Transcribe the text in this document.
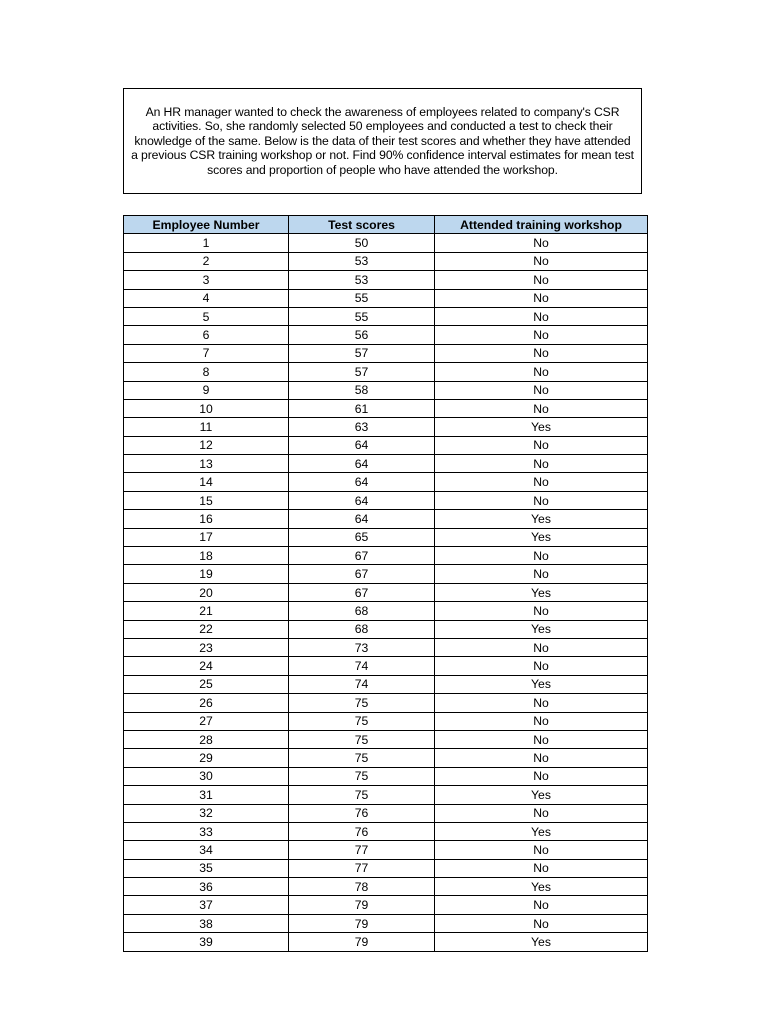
An HR manager wanted to check the awareness of employees related to company's CSR activities. So, she randomly selected 50 employees and conducted a test to check their knowledge of the same. Below is the data of their test scores and whether they have attended a previous CSR training workshop or not. Find 90% confidence interval estimates for mean test scores and proportion of people who have attended the workshop.

Employee Number	Test scores	Attended training workshop
1	50	No
2	53	No
3	53	No
4	55	No
5	55	No
6	56	No
7	57	No
8	57	No
9	58	No
10	61	No
11	63	Yes
12	64	No
13	64	No
14	64	No
15	64	No
16	64	Yes
17	65	Yes
18	67	No
19	67	No
20	67	Yes
21	68	No
22	68	Yes
23	73	No
24	74	No
25	74	Yes
26	75	No
27	75	No
28	75	No
29	75	No
30	75	No
31	75	Yes
32	76	No
33	76	Yes
34	77	No
35	77	No
36	78	Yes
37	79	No
38	79	No
39	79	Yes
